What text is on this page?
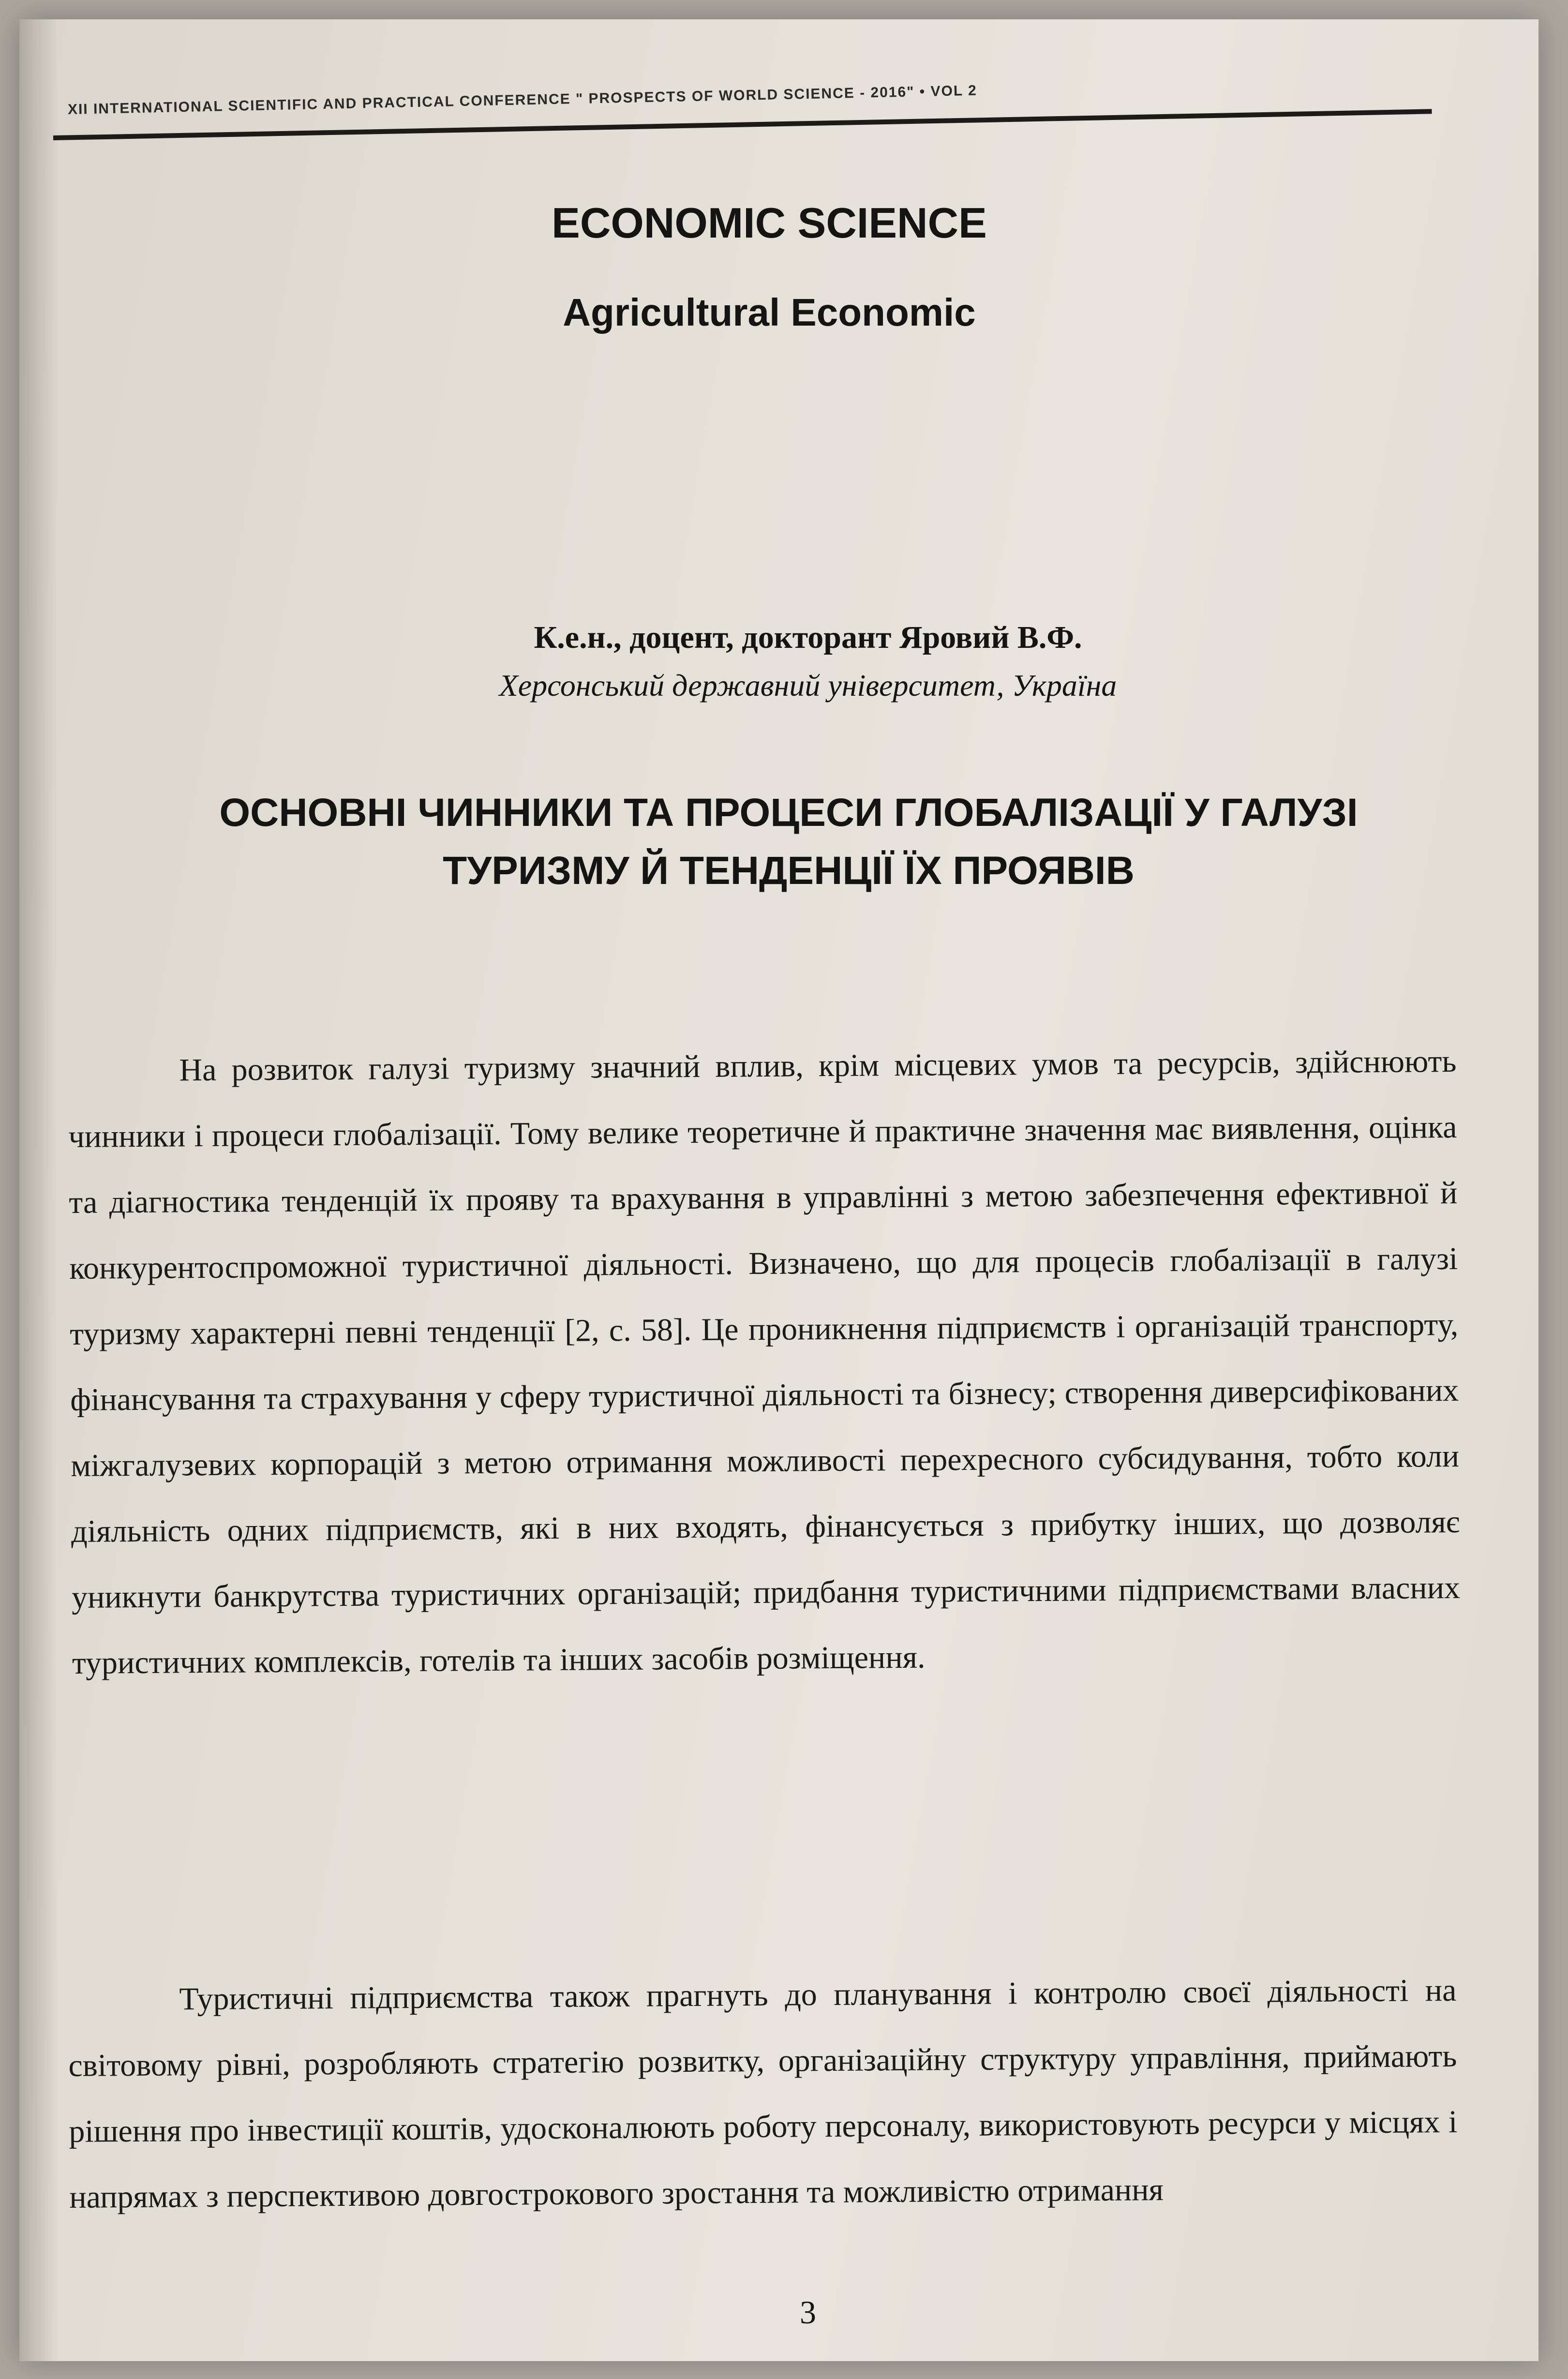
XII INTERNATIONAL SCIENTIFIC AND PRACTICAL CONFERENCE " PROSPECTS OF WORLD SCIENCE - 2016" • VOL 2
ECONOMIC SCIENCE
Agricultural Economic
К.е.н., доцент, докторант Яровий В.Ф.
Херсонський державний університет, Україна
ОСНОВНІ ЧИННИКИ ТА ПРОЦЕСИ ГЛОБАЛІЗАЦІЇ У ГАЛУЗІ
ТУРИЗМУ Й ТЕНДЕНЦІЇ ЇХ ПРОЯВІВ

На розвиток галузі туризму значний вплив, крім місцевих умов та ресурсів, здійснюють чинники і процеси глобалізації. Тому велике теоретичне й практичне значення має виявлення, оцінка та діагностика тенденцій їх прояву та врахування в управлінні з метою забезпечення ефективної й конкурентоспроможної туристичної діяльності. Визначено, що для процесів глобалізації в галузі туризму характерні певні тенденції [2, с. 58]. Це проникнення підприємств і організацій транспорту, фінансування та страхування у сферу туристичної діяльності та бізнесу; створення диверсифікованих міжгалузевих корпорацій з метою отримання можливості перехресного субсидування, тобто коли діяльність одних підприємств, які в них входять, фінансується з прибутку інших, що дозволяє уникнути банкрутства туристичних організацій; придбання туристичними підприємствами власних туристичних комплексів, готелів та інших засобів розміщення.

Туристичні підприємства також прагнуть до планування і контролю своєї діяльності на світовому рівні, розробляють стратегію розвитку, організаційну структуру управління, приймають рішення про інвестиції коштів, удосконалюють роботу персоналу, використовують ресурси у місцях і напрямах з перспективою довгострокового зростання та можливістю отримання

3
